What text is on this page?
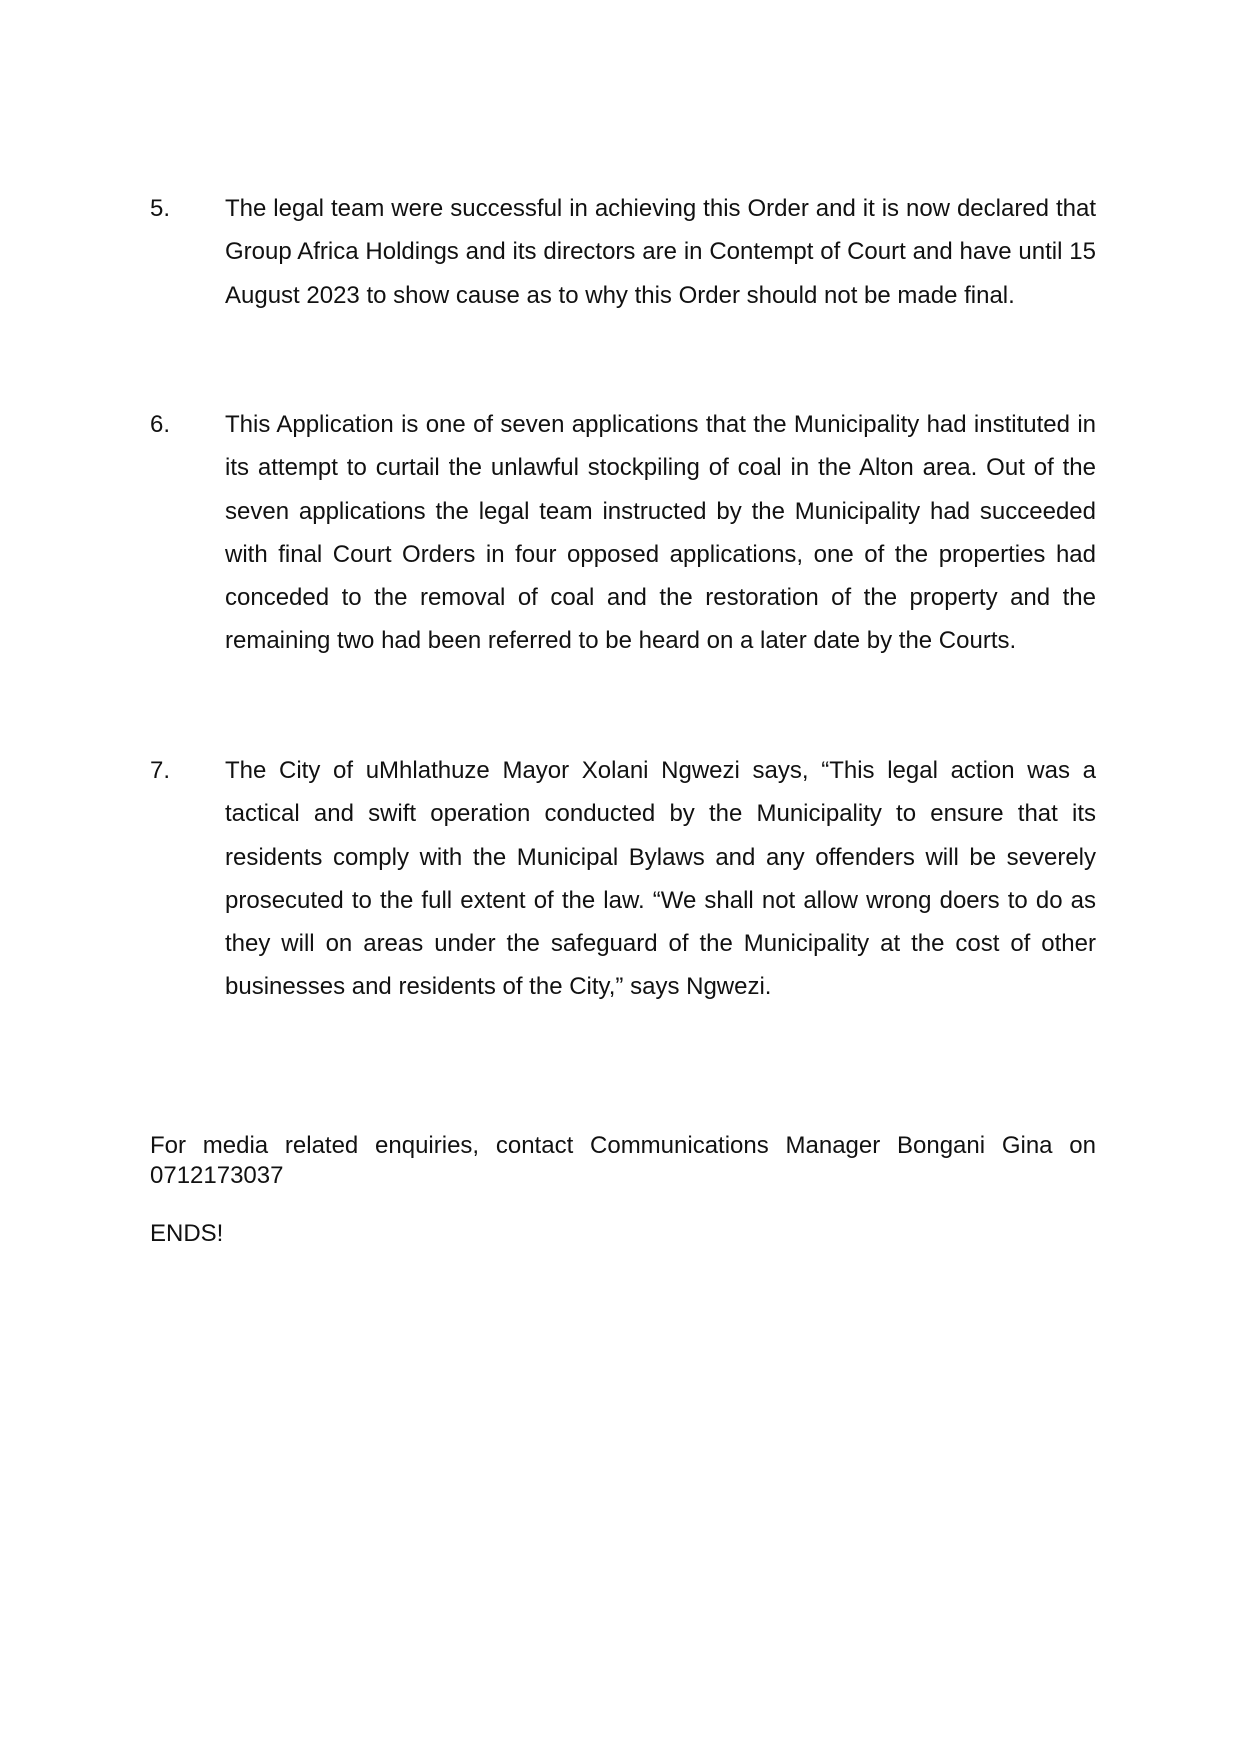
5. The legal team were successful in achieving this Order and it is now declared that Group Africa Holdings and its directors are in Contempt of Court and have until 15 August 2023 to show cause as to why this Order should not be made final.
6. This Application is one of seven applications that the Municipality had instituted in its attempt to curtail the unlawful stockpiling of coal in the Alton area. Out of the seven applications the legal team instructed by the Municipality had succeeded with final Court Orders in four opposed applications, one of the properties had conceded to the removal of coal and the restoration of the property and the remaining two had been referred to be heard on a later date by the Courts.
7. The City of uMhlathuze Mayor Xolani Ngwezi says, “This legal action was a tactical and swift operation conducted by the Municipality to ensure that its residents comply with the Municipal Bylaws and any offenders will be severely prosecuted to the full extent of the law. “We shall not allow wrong doers to do as they will on areas under the safeguard of the Municipality at the cost of other businesses and residents of the City,” says Ngwezi.
For media related enquiries, contact Communications Manager Bongani Gina on
0712173037
ENDS!
